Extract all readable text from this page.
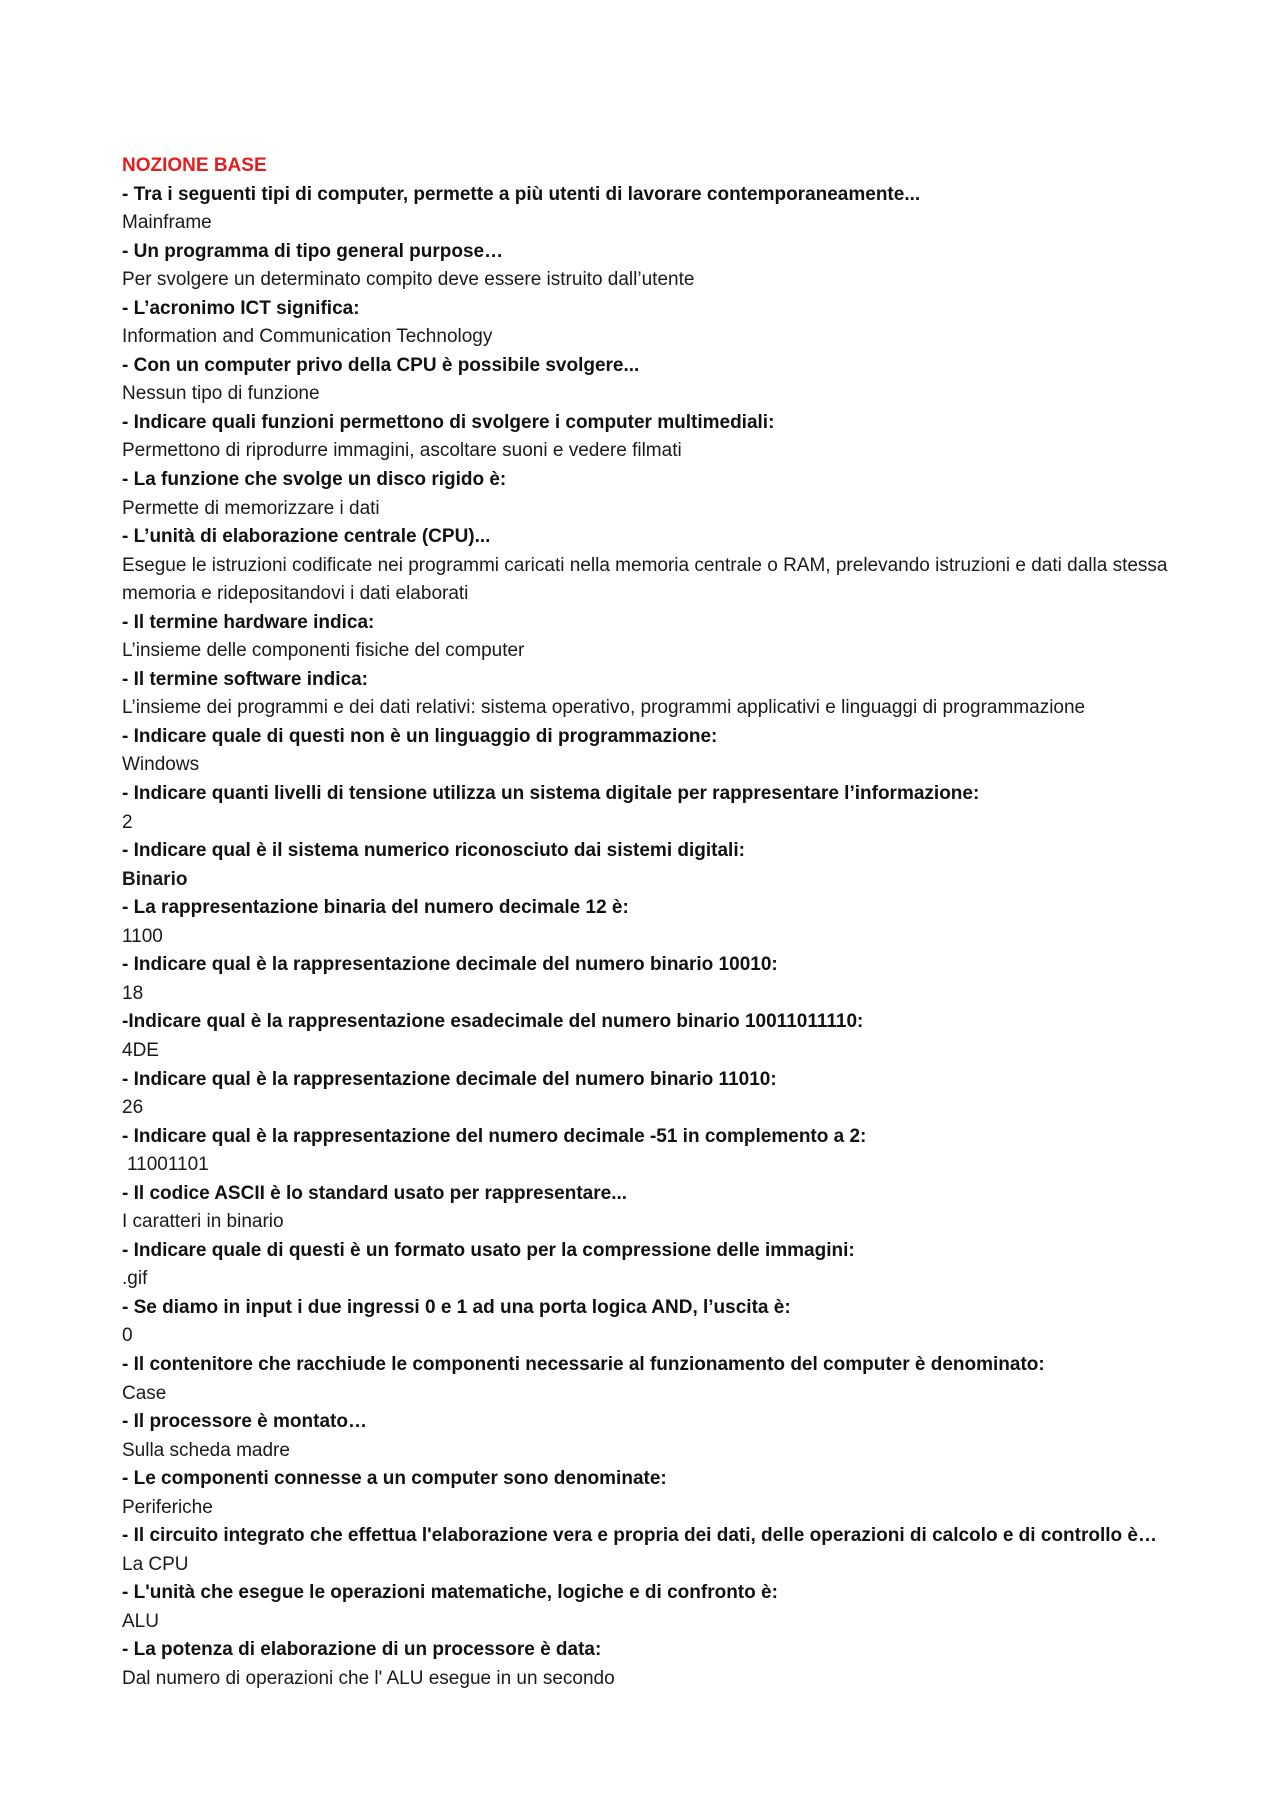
NOZIONE BASE
- Tra i seguenti tipi di computer, permette a più utenti di lavorare contemporaneamente...
Mainframe
- Un programma di tipo general purpose…
Per svolgere un determinato compito deve essere istruito dall’utente
- L’acronimo ICT significa:
Information and Communication Technology
- Con un computer privo della CPU è possibile svolgere...
Nessun tipo di funzione
- Indicare quali funzioni permettono di svolgere i computer multimediali:
Permettono di riprodurre immagini, ascoltare suoni e vedere filmati
- La funzione che svolge un disco rigido è:
Permette di memorizzare i dati
- L’unità di elaborazione centrale (CPU)...
Esegue le istruzioni codificate nei programmi caricati nella memoria centrale o RAM, prelevando istruzioni e dati dalla stessa memoria e ridepositandovi i dati elaborati
- Il termine hardware indica:
L’insieme delle componenti fisiche del computer
- Il termine software indica:
L’insieme dei programmi e dei dati relativi: sistema operativo, programmi applicativi e linguaggi di programmazione
- Indicare quale di questi non è un linguaggio di programmazione:
Windows
- Indicare quanti livelli di tensione utilizza un sistema digitale per rappresentare l’informazione:
2
- Indicare qual è il sistema numerico riconosciuto dai sistemi digitali:
Binario
- La rappresentazione binaria del numero decimale 12 è:
1100
- Indicare qual è la rappresentazione decimale del numero binario 10010:
18
-Indicare qual è la rappresentazione esadecimale del numero binario 10011011110:
4DE
- Indicare qual è la rappresentazione decimale del numero binario 11010:
26
- Indicare qual è la rappresentazione del numero decimale -51 in complemento a 2:
11001101
- Il codice ASCII è lo standard usato per rappresentare...
I caratteri in binario
- Indicare quale di questi è un formato usato per la compressione delle immagini:
.gif
- Se diamo in input i due ingressi 0 e 1 ad una porta logica AND, l’uscita è:
0
- Il contenitore che racchiude le componenti necessarie al funzionamento del computer è denominato:
Case
- Il processore è montato…
Sulla scheda madre
- Le componenti connesse a un computer sono denominate:
Periferiche
- Il circuito integrato che effettua l'elaborazione vera e propria dei dati, delle operazioni di calcolo e di controllo è…
La CPU
- L'unità che esegue le operazioni matematiche, logiche e di confronto è:
ALU
- La potenza di elaborazione di un processore è data:
Dal numero di operazioni che l' ALU esegue in un secondo
